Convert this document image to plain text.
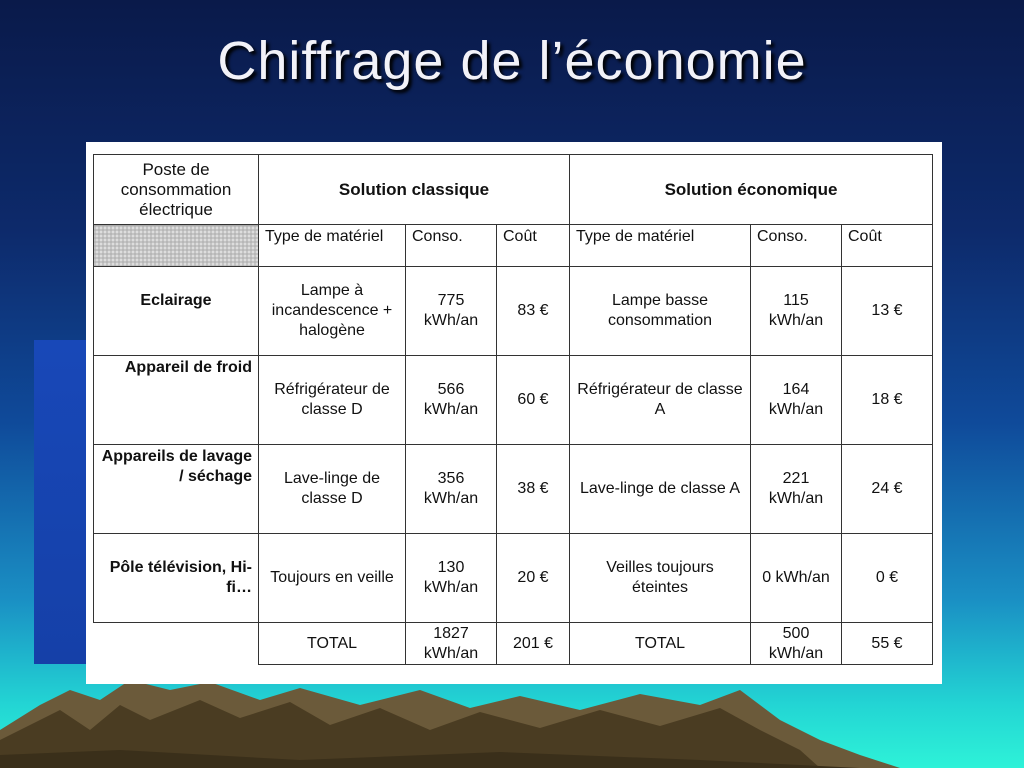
Chiffrage de l’économie
Poste de consommation électrique	Solution classique			Solution économique		
	Type de matériel	Conso.	Coût	Type de matériel	Conso.	Coût
Eclairage	Lampe à incandescence + halogène	775 kWh/an	83 €	Lampe basse consommation	115 kWh/an	13 €
Appareil de froid	Réfrigérateur de classe D	566 kWh/an	60 €	Réfrigérateur de classe A	164 kWh/an	18 €
Appareils de lavage / séchage	Lave-linge de classe D	356 kWh/an	38 €	Lave-linge de classe A	221 kWh/an	24 €
Pôle télévision, Hi-fi…	Toujours en veille	130 kWh/an	20 €	Veilles toujours éteintes	0 kWh/an	0 €
	TOTAL	1827 kWh/an	201 €	TOTAL	500 kWh/an	55 €
